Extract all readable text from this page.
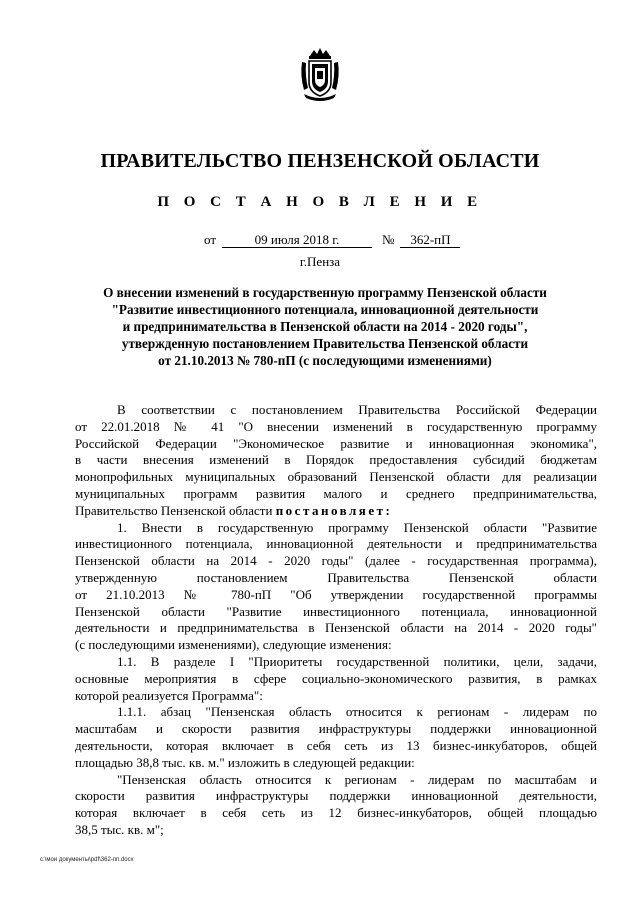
ПРАВИТЕЛЬСТВО ПЕНЗЕНСКОЙ ОБЛАСТИ
П О С Т А Н О В Л Е Н И Е
от	09 июля 2018 г.	№ 362-пП
г.Пенза
О внесении изменений в государственную программу Пензенской области
"Развитие инвестиционного потенциала, инновационной деятельности
и предпринимательства в Пензенской области на 2014 - 2020 годы",
утвержденную постановлением Правительства Пензенской области
от 21.10.2013 № 780-пП (с последующими изменениями)
В соответствии с постановлением Правительства Российской Федерации
от 22.01.2018 № 41 "О внесении изменений в государственную программу
Российской Федерации "Экономическое развитие и инновационная экономика",
в части внесения изменений в Порядок предоставления субсидий бюджетам
монопрофильных муниципальных образований Пензенской области для реализации
муниципальных программ развития малого и среднего предпринимательства,
Правительство Пензенской области постановляет:
1. Внести в государственную программу Пензенской области "Развитие
инвестиционного потенциала, инновационной деятельности и предпринимательства
Пензенской области на 2014 - 2020 годы" (далее - государственная программа),
утвержденную постановлением Правительства Пензенской области
от 21.10.2013 № 780-пП "Об утверждении государственной программы
Пензенской области "Развитие инвестиционного потенциала, инновационной
деятельности и предпринимательства в Пензенской области на 2014 - 2020 годы"
(с последующими изменениями), следующие изменения:
1.1. В разделе I "Приоритеты государственной политики, цели, задачи,
основные мероприятия в сфере социально-экономического развития, в рамках
которой реализуется Программа":
1.1.1. абзац "Пензенская область относится к регионам - лидерам по
масштабам и скорости развития инфраструктуры поддержки инновационной
деятельности, которая включает в себя сеть из 13 бизнес-инкубаторов, общей
площадью 38,8 тыс. кв. м." изложить в следующей редакции:
"Пензенская область относится к регионам - лидерам по масштабам и
скорости развития инфраструктуры поддержки инновационной деятельности,
которая включает в себя сеть из 12 бизнес-инкубаторов, общей площадью
38,5 тыс. кв. м";
c:\мои документы\pdf\362-пп.docx
